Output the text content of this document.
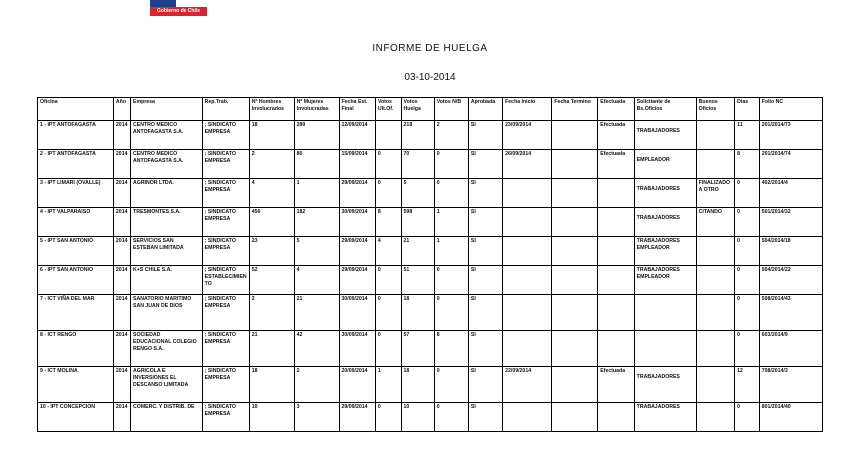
Gobierno de Chile
INFORME DE HUELGA
03-10-2014
Oficina	Año	Empresa	Rep.Trab.	Nº Hombres Involucrados	Nº Mujeres Involucradas	Fecha Est. Final	Votos Ult.Of.	Votos Huelga	Votos N/B	Aprobada	Fecha Inicio	Fecha Termino	Efectuada	Solicitante de Bs.Oficios	Buenos Oficios	Dias	Folio NC
1 - IPT ANTOFAGASTA	2014	CENTRO MEDICO ANTOFAGASTA S.A.	; SINDICATO EMPRESA	18	289	12/09/2014		218	2	SI	23/09/2014		Efectuada	TRABAJADORES		11	201/2014/73
2 - IPT ANTOFAGASTA	2014	CENTRO MEDICO ANTOFAGASTA S.A.	; SINDICATO EMPRESA	2	80	15/09/2014	0	70	0	SI	26/09/2014		Efectuada	EMPLEADOR		8	201/2014/74
3 - IPT LIMARI (OVALLE)	2014	AGRINOR LTDA.	; SINDICATO EMPRESA	4	1	29/09/2014	0	5	0	SI				TRABAJADORES	FINALIZADO A OTRO	0	402/2014/4
4 - IPT VALPARAISO	2014	TRESMONTES S.A.	; SINDICATO EMPRESA	456	182	30/09/2014	8	598	1	SI				TRABAJADORES	CITANDO	0	501/2014/32
5 - IPT SAN ANTONIO	2014	SERVICIOS SAN ESTEBAN LIMITADA	; SINDICATO EMPRESA	23	5	29/09/2014	4	21	1	SI				TRABAJADORES EMPLEADOR		0	504/2014/18
6 - IPT SAN ANTONIO	2014	K+S CHILE S.A.	; SINDICATO ESTABLECIMIENTO	52	4	29/09/2014	0	51	0	SI				TRABAJADORES EMPLEADOR		0	504/2014/22
7 - ICT VIÑA DEL MAR	2014	SANATORIO MARITIMO SAN JUAN DE DIOS	; SINDICATO EMPRESA	2	21	30/09/2014	0	18	0	SI						0	508/2014/43
8 - ICT RENGO	2014	SOCIEDAD EDUCACIONAL COLEGIO RENGO S.A.	; SINDICATO EMPRESA	21	42	30/09/2014	0	57	8	SI						0	603/2014/9
9 - ICT MOLINA	2014	AGRICOLA E INVERSIONES EL DESCANSO LIMITADA	; SINDICATO EMPRESA	18	2	20/09/2014	1	18	0	SI	22/09/2014		Efectuada	TRABAJADORES		12	708/2014/3
10 - IPT CONCEPCION	2014	COMERC. Y DISTRIB. DE	; SINDICATO EMPRESA	10	3	29/09/2014	0	10	0	SI				TRABAJADORES		0	801/2014/40
